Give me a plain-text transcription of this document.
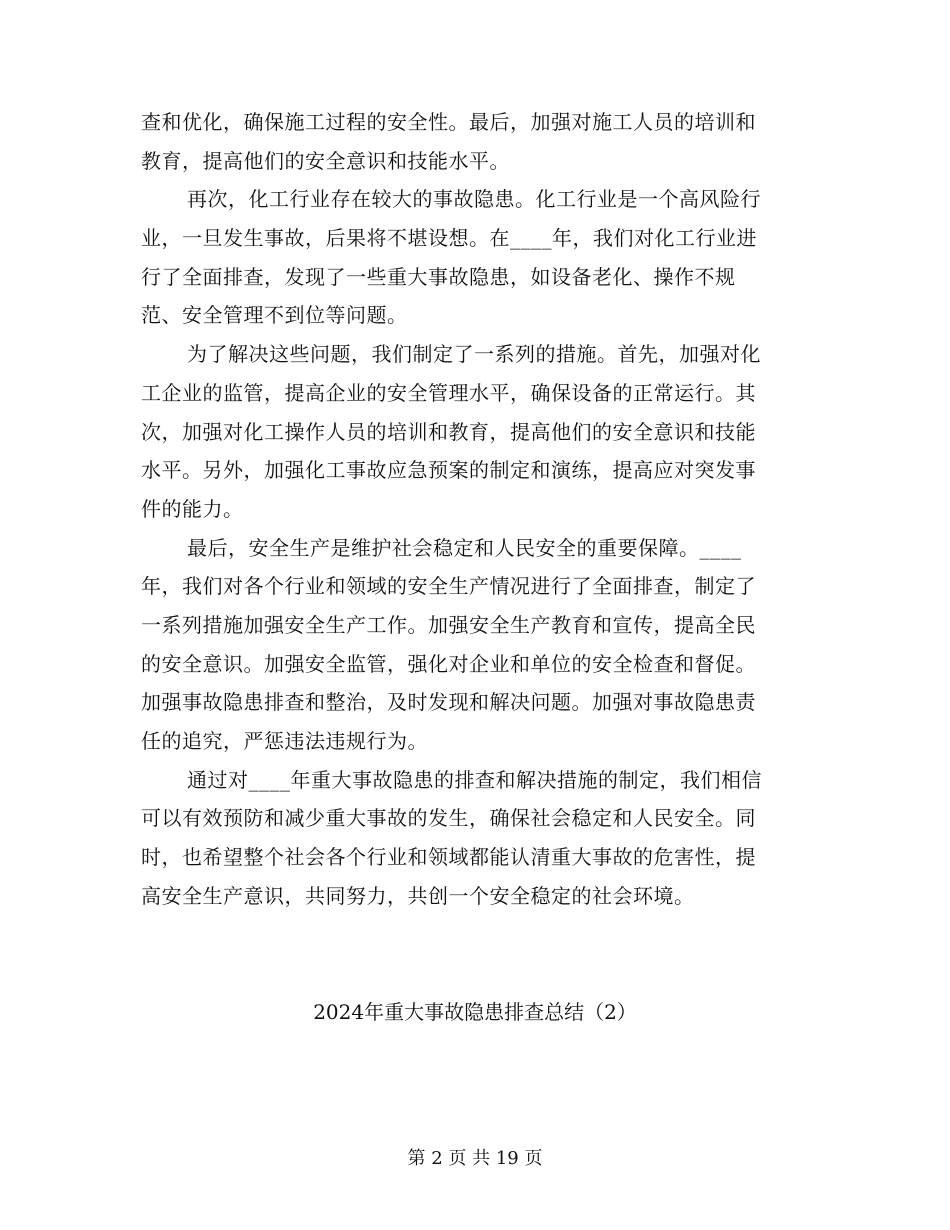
查和优化，确保施工过程的安全性。最后，加强对施工人员的培训和
教育，提高他们的安全意识和技能水平。
再次，化工行业存在较大的事故隐患。化工行业是一个高风险行
业，一旦发生事故，后果将不堪设想。在____年，我们对化工行业进
行了全面排查，发现了一些重大事故隐患，如设备老化、操作不规
范、安全管理不到位等问题。
为了解决这些问题，我们制定了一系列的措施。首先，加强对化
工企业的监管，提高企业的安全管理水平，确保设备的正常运行。其
次，加强对化工操作人员的培训和教育，提高他们的安全意识和技能
水平。另外，加强化工事故应急预案的制定和演练，提高应对突发事
件的能力。
最后，安全生产是维护社会稳定和人民安全的重要保障。____
年，我们对各个行业和领域的安全生产情况进行了全面排查，制定了
一系列措施加强安全生产工作。加强安全生产教育和宣传，提高全民
的安全意识。加强安全监管，强化对企业和单位的安全检查和督促。
加强事故隐患排查和整治，及时发现和解决问题。加强对事故隐患责
任的追究，严惩违法违规行为。
通过对____年重大事故隐患的排查和解决措施的制定，我们相信
可以有效预防和减少重大事故的发生，确保社会稳定和人民安全。同
时，也希望整个社会各个行业和领域都能认清重大事故的危害性，提
高安全生产意识，共同努力，共创一个安全稳定的社会环境。
2024年重大事故隐患排查总结（2）
第 2 页 共 19 页
